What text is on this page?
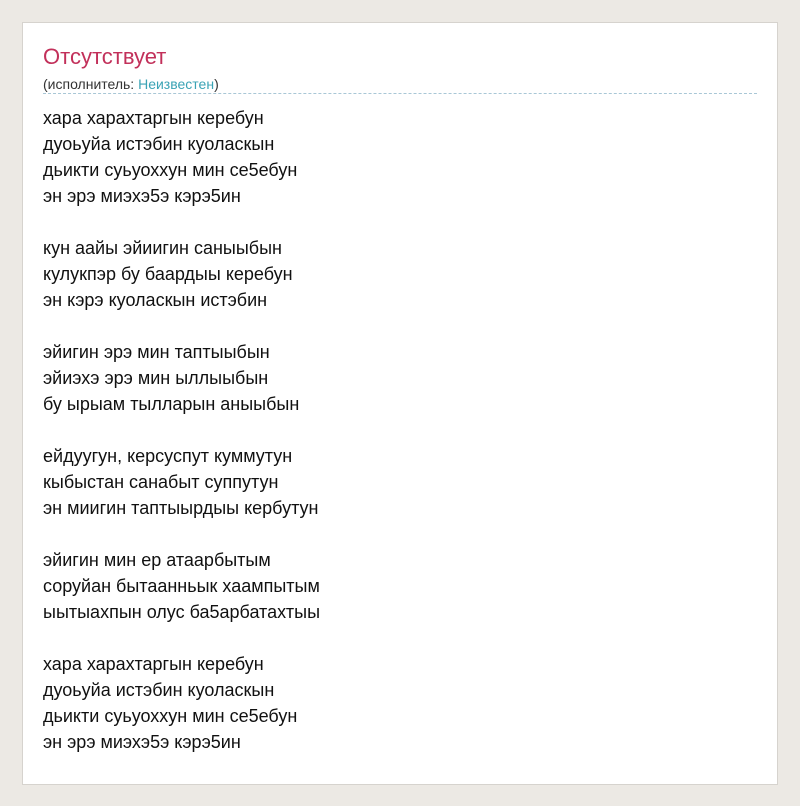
Отсутствует
(исполнитель: Неизвестен)
хара харахтаргын керебун
дуоьуйа истэбин куоласкын
дьикти суьуоххун мин се5ебун
эн эрэ миэхэ5э кэрэ5ин
кун аайы эйиигин саныыбын
кулукпэр бу баардыы керебун
эн кэрэ куоласкын истэбин
эйигин эрэ мин таптыыбын
эйиэхэ эрэ мин ыллыыбын
бу ырыам тылларын аныыбын
ейдуугун, керсуспут куммутун
кыбыстан санабыт суппутун
эн миигин таптыырдыы кербутун
эйигин мин ер атаарбытым
соруйан бытаанньык хаампытым
ыытыахпын олус ба5арбатахтыы
хара харахтаргын керебун
дуоьуйа истэбин куоласкын
дьикти суьуоххун мин се5ебун
эн эрэ миэхэ5э кэрэ5ин
